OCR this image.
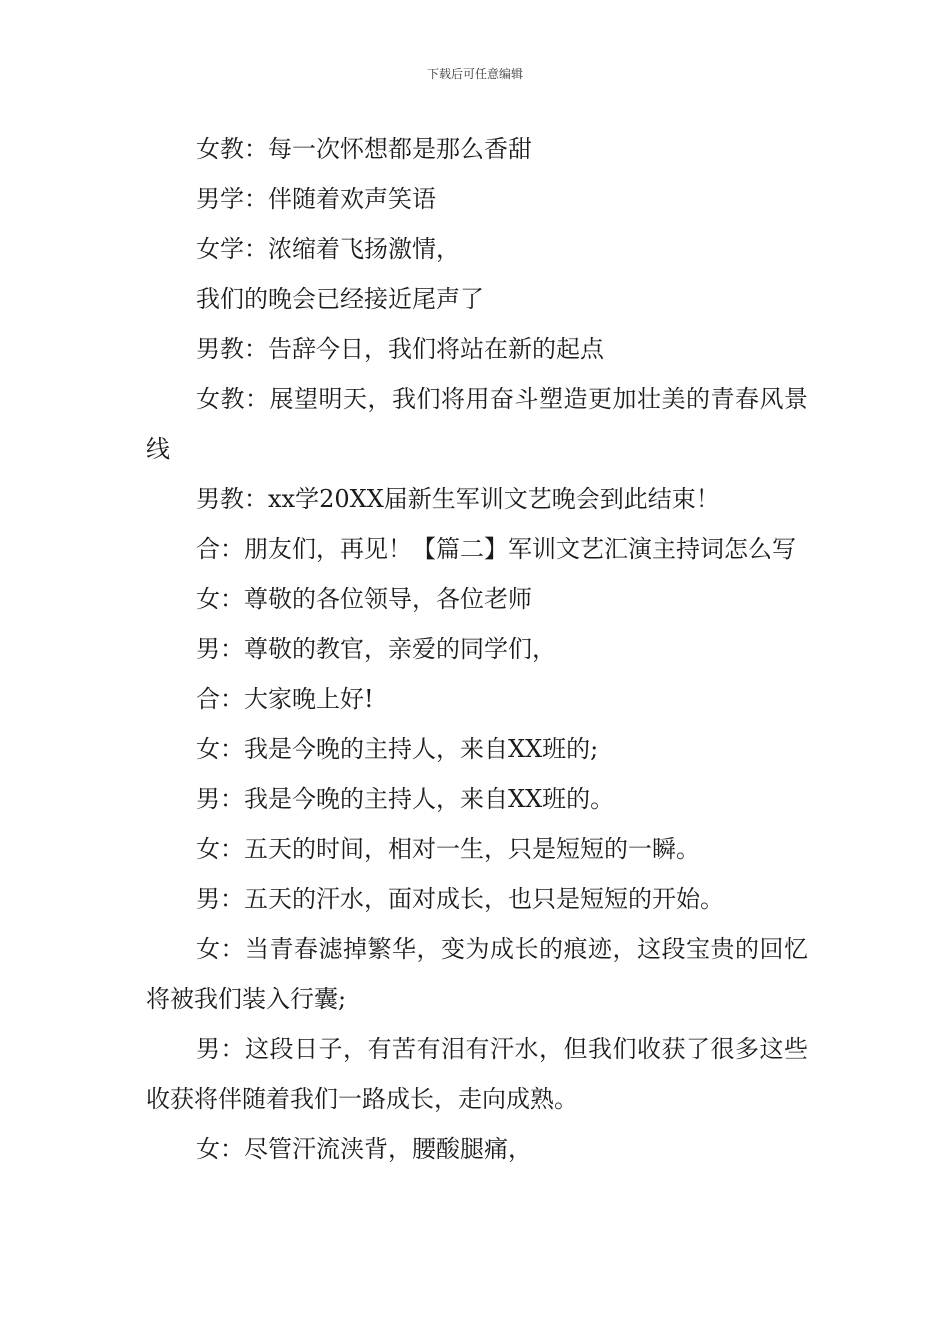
下载后可任意编辑

女教：每一次怀想都是那么香甜

男学：伴随着欢声笑语

女学：浓缩着飞扬激情，

我们的晚会已经接近尾声了

男教：告辞今日，我们将站在新的起点

女教：展望明天，我们将用奋斗塑造更加壮美的青春风景线

男教：xx学20XX届新生军训文艺晚会到此结束！

合：朋友们，再见！【篇二】军训文艺汇演主持词怎么写

女：尊敬的各位领导，各位老师

男：尊敬的教官，亲爱的同学们，

合：大家晚上好!

女：我是今晚的主持人，来自XX班的;

男：我是今晚的主持人，来自XX班的。

女：五天的时间，相对一生，只是短短的一瞬。

男：五天的汗水，面对成长，也只是短短的开始。

女：当青春滤掉繁华，变为成长的痕迹，这段宝贵的回忆将被我们装入行囊;

男：这段日子，有苦有泪有汗水，但我们收获了很多这些收获将伴随着我们一路成长，走向成熟。

女：尽管汗流浃背，腰酸腿痛，
